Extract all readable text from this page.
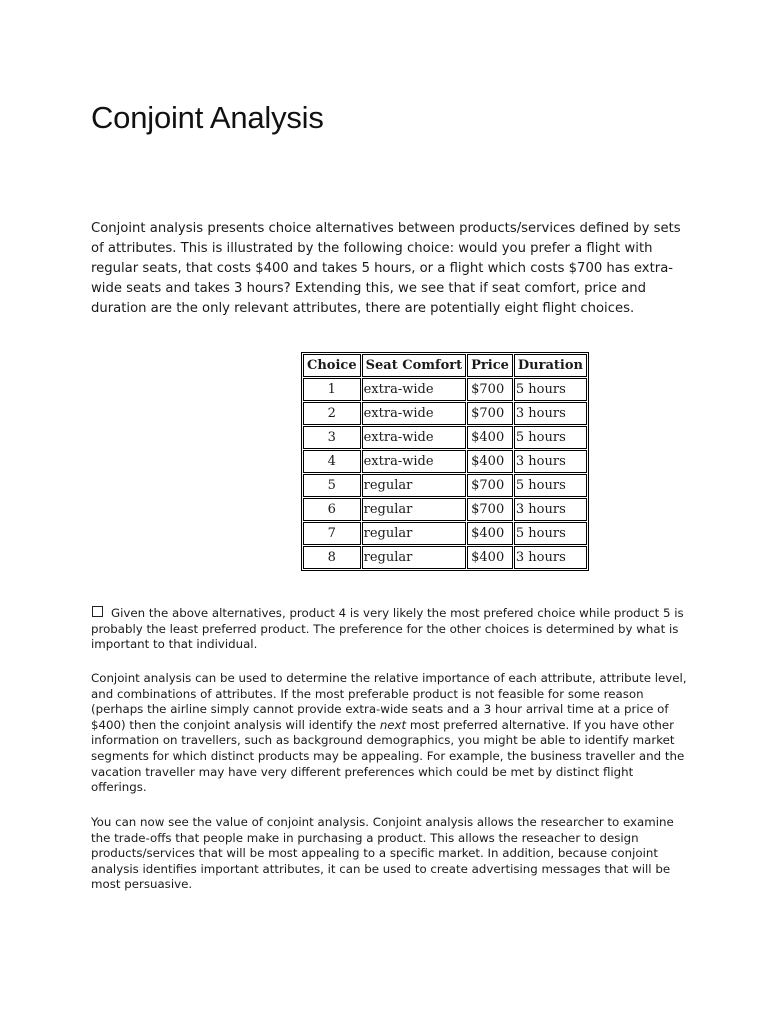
Conjoint Analysis

Conjoint analysis presents choice alternatives between products/services defined by sets of attributes. This is illustrated by the following choice: would you prefer a flight with regular seats, that costs $400 and takes 5 hours, or a flight which costs $700 has extra-wide seats and takes 3 hours? Extending this, we see that if seat comfort, price and duration are the only relevant attributes, there are potentially eight flight choices.

Choice	Seat Comfort	Price	Duration
1	extra-wide	$700	5 hours
2	extra-wide	$700	3 hours
3	extra-wide	$400	5 hours
4	extra-wide	$400	3 hours
5	regular	$700	5 hours
6	regular	$700	3 hours
7	regular	$400	5 hours
8	regular	$400	3 hours

Given the above alternatives, product 4 is very likely the most prefered choice while product 5 is probably the least preferred product. The preference for the other choices is determined by what is important to that individual.

Conjoint analysis can be used to determine the relative importance of each attribute, attribute level, and combinations of attributes. If the most preferable product is not feasible for some reason (perhaps the airline simply cannot provide extra-wide seats and a 3 hour arrival time at a price of $400) then the conjoint analysis will identify the next most preferred alternative. If you have other information on travellers, such as background demographics, you might be able to identify market segments for which distinct products may be appealing. For example, the business traveller and the vacation traveller may have very different preferences which could be met by distinct flight offerings.

You can now see the value of conjoint analysis. Conjoint analysis allows the researcher to examine the trade-offs that people make in purchasing a product. This allows the reseacher to design products/services that will be most appealing to a specific market. In addition, because conjoint analysis identifies important attributes, it can be used to create advertising messages that will be most persuasive.
